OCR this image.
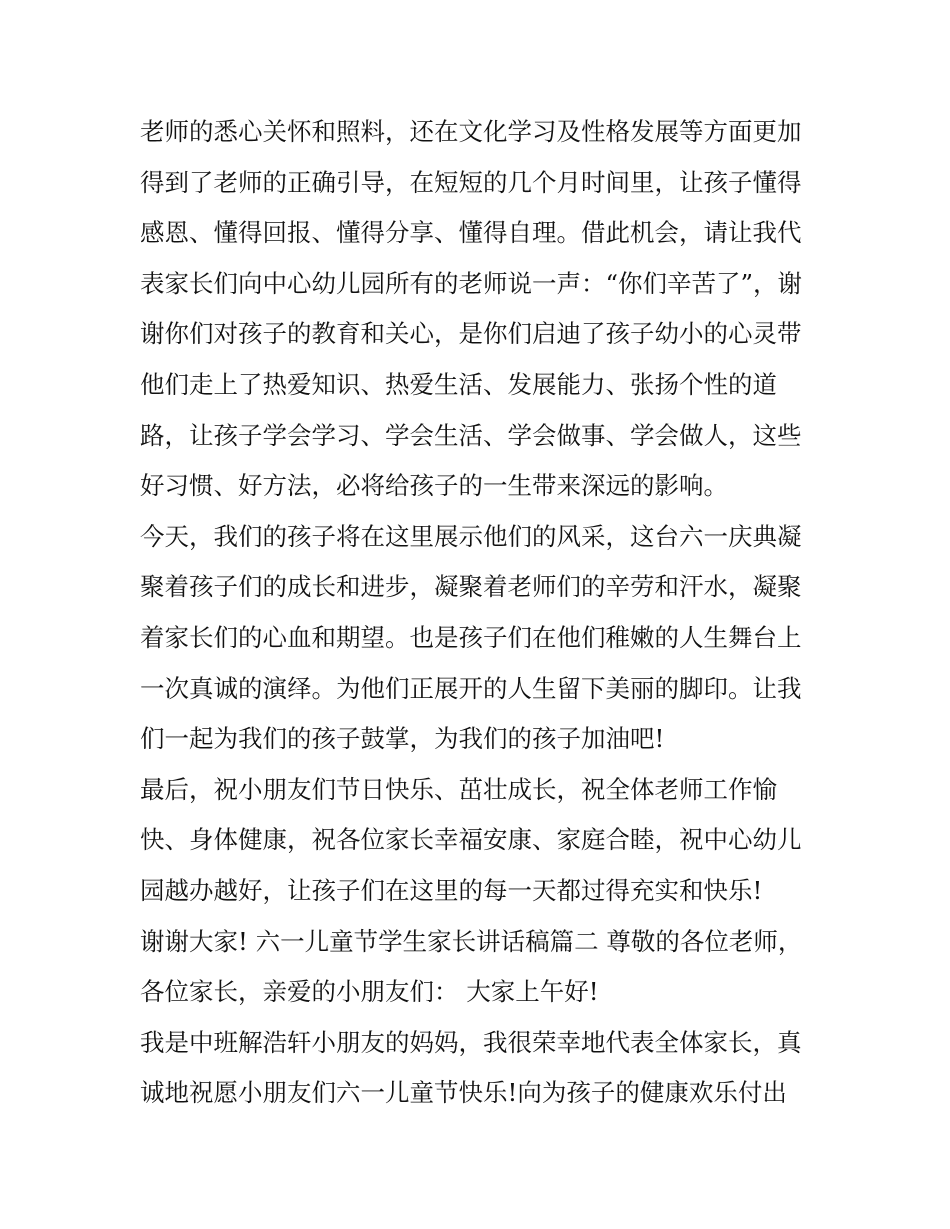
老师的悉心关怀和照料，还在文化学习及性格发展等方面更加
得到了老师的正确引导，在短短的几个月时间里，让孩子懂得
感恩、懂得回报、懂得分享、懂得自理。借此机会，请让我代
表家长们向中心幼儿园所有的老师说一声：“你们辛苦了”，谢
谢你们对孩子的教育和关心，是你们启迪了孩子幼小的心灵带
他们走上了热爱知识、热爱生活、发展能力、张扬个性的道
路，让孩子学会学习、学会生活、学会做事、学会做人，这些
好习惯、好方法，必将给孩子的一生带来深远的影响。
今天，我们的孩子将在这里展示他们的风采，这台六一庆典凝
聚着孩子们的成长和进步，凝聚着老师们的辛劳和汗水，凝聚
着家长们的心血和期望。也是孩子们在他们稚嫩的人生舞台上
一次真诚的演绎。为他们正展开的人生留下美丽的脚印。让我
们一起为我们的孩子鼓掌，为我们的孩子加油吧!
最后，祝小朋友们节日快乐、茁壮成长，祝全体老师工作愉
快、身体健康，祝各位家长幸福安康、家庭合睦，祝中心幼儿
园越办越好，让孩子们在这里的每一天都过得充实和快乐!
谢谢大家! 六一儿童节学生家长讲话稿篇二 尊敬的各位老师，
各位家长，亲爱的小朋友们： 大家上午好!
我是中班解浩轩小朋友的妈妈，我很荣幸地代表全体家长，真
诚地祝愿小朋友们六一儿童节快乐!向为孩子的健康欢乐付出
